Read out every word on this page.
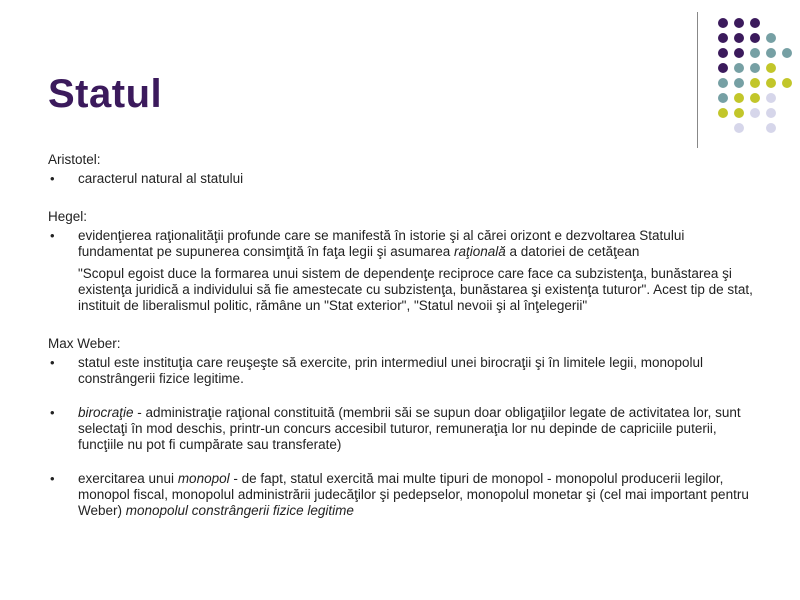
Statul
Aristotel:
• caracterul natural al statului
Hegel:
• evidenţierea raţionalităţii profunde care se manifestă în istorie şi al cărei orizont e dezvoltarea Statului fundamentat pe supunerea consimţită în faţa legii şi asumarea raţională a datoriei de cetăţean
"Scopul egoist duce la formarea unui sistem de dependenţe reciproce care face ca subzistenţa, bunăstarea şi existenţa juridică a individului să fie amestecate cu subzistenţa, bunăstarea şi existenţa tuturor". Acest tip de stat, instituit de liberalismul politic, rămâne un "Stat exterior", "Statul nevoii şi al înţelegerii"
Max Weber:
• statul este instituţia care reuşeşte să exercite, prin intermediul unei birocraţii şi în limitele legii, monopolul constrângerii fizice legitime.
• birocraţie - administraţie raţional constituită (membrii săi se supun doar obligaţiilor legate de activitatea lor, sunt selectaţi în mod deschis, printr-un concurs accesibil tuturor, remuneraţia lor nu depinde de capriciile puterii, funcţiile nu pot fi cumpărate sau transferate)
• exercitarea unui monopol - de fapt, statul exercită mai multe tipuri de monopol - monopolul producerii legilor, monopol fiscal, monopolul administrării judecăţilor şi pedepselor, monopolul monetar şi (cel mai important pentru Weber) monopolul constrângerii fizice legitime
